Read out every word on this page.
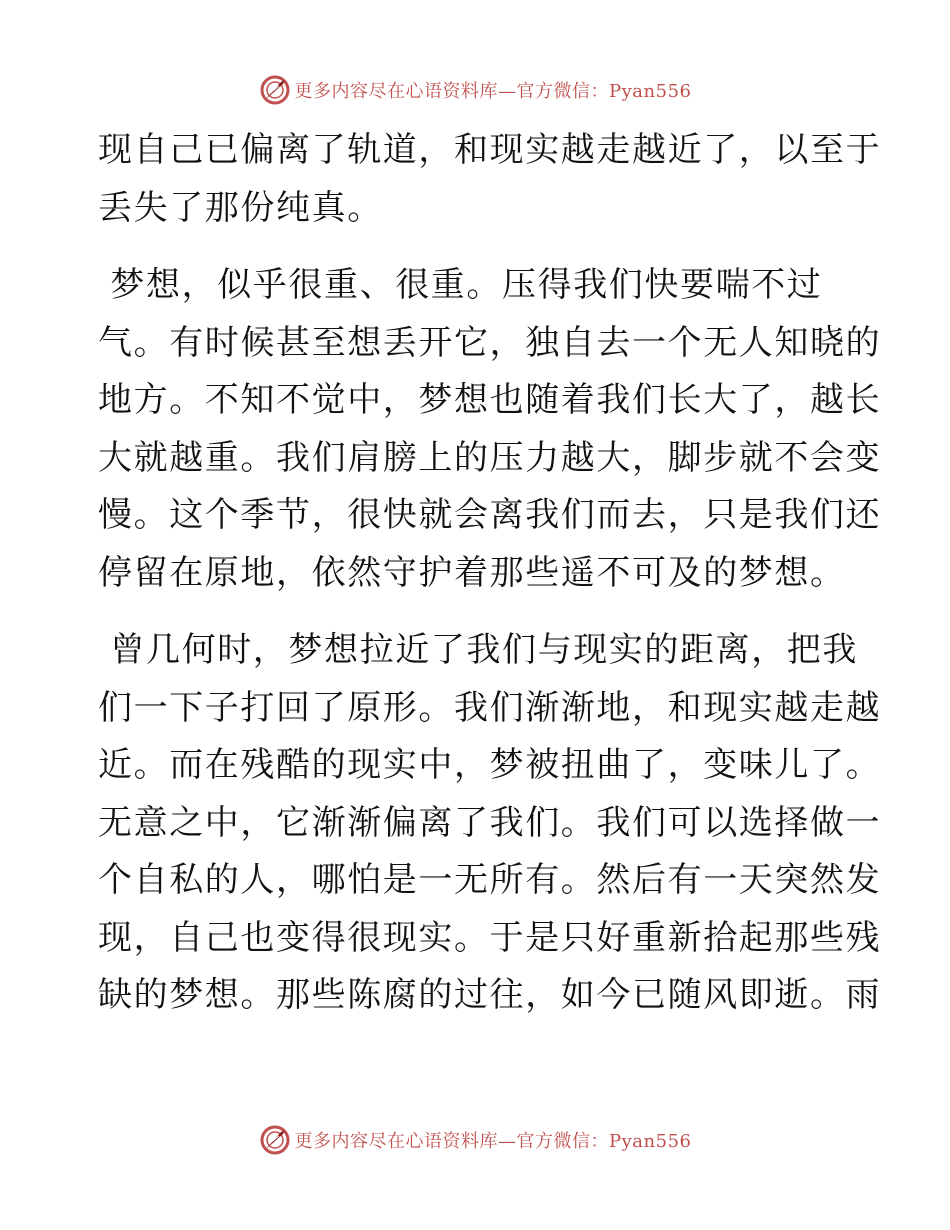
更多内容尽在心语资料库—官方微信：Pyan556

现自己已偏离了轨道，和现实越走越近了，以至于
丢失了那份纯真。

梦想，似乎很重、很重。压得我们快要喘不过
气。有时候甚至想丢开它，独自去一个无人知晓的
地方。不知不觉中，梦想也随着我们长大了，越长
大就越重。我们肩膀上的压力越大，脚步就不会变
慢。这个季节，很快就会离我们而去，只是我们还
停留在原地，依然守护着那些遥不可及的梦想。

曾几何时，梦想拉近了我们与现实的距离，把我
们一下子打回了原形。我们渐渐地，和现实越走越
近。而在残酷的现实中，梦被扭曲了，变味儿了。
无意之中，它渐渐偏离了我们。我们可以选择做一
个自私的人，哪怕是一无所有。然后有一天突然发
现，自己也变得很现实。于是只好重新拾起那些残
缺的梦想。那些陈腐的过往，如今已随风即逝。雨

更多内容尽在心语资料库—官方微信：Pyan556
